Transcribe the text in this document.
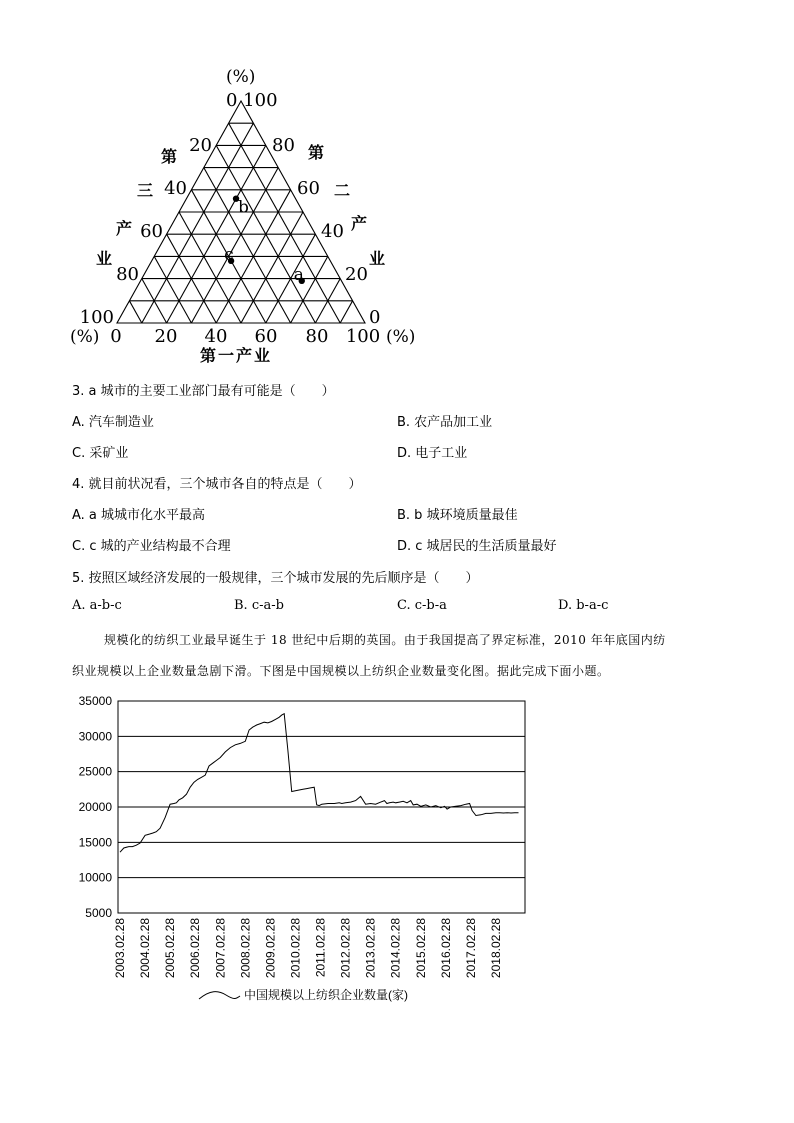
b
c
a
(%)
0 100
20
40
60
80
100
80
60
40
20
0
(%) 0 20 40 60 80 100 (%)
第
三
产
业
第
二
产
业
第一产业
3. a 城市的主要工业部门最有可能是（　　）
A. 汽车制造业	B. 农产品加工业
C. 采矿业	D. 电子工业
4. 就目前状况看，三个城市各自的特点是（　　）
A. a 城城市化水平最高	B. b 城环境质量最佳
C. c 城的产业结构最不合理	D. c 城居民的生活质量最好
5. 按照区域经济发展的一般规律，三个城市发展的先后顺序是（　　）
A. a-b-c	B. c-a-b	C. c-b-a	D. b-a-c
规模化的纺织工业最早诞生于 18 世纪中后期的英国。由于我国提高了界定标准，2010 年年底国内纺
织业规模以上企业数量急剧下滑。下图是中国规模以上纺织企业数量变化图。据此完成下面小题。
35000
30000
25000
20000
15000
10000
5000
2003.02.28 2004.02.28 2005.02.28 2006.02.28 2007.02.28 2008.02.28 2009.02.28 2010.02.28 2011.02.28 2012.02.28 2013.02.28 2014.02.28 2015.02.28 2016.02.28 2017.02.28 2018.02.28
中国规模以上纺织企业数量(家)
